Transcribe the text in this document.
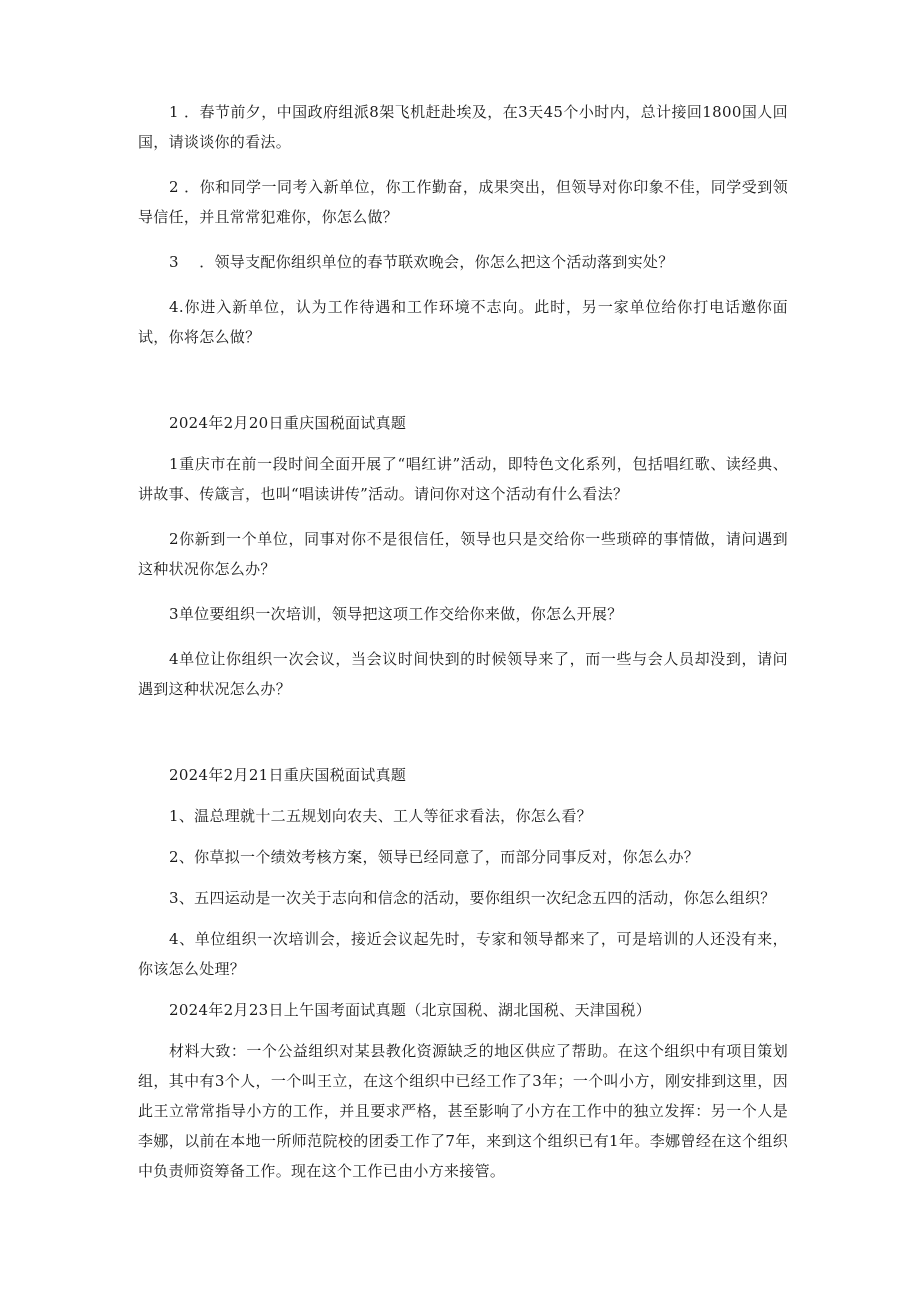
1 ．春节前夕，中国政府组派8架飞机赶赴埃及，在3天45个小时内，总计接回1800国人回国，请谈谈你的看法。

2 ．你和同学一同考入新单位，你工作勤奋，成果突出，但领导对你印象不佳，同学受到领导信任，并且常常犯难你，你怎么做？

3 　．领导支配你组织单位的春节联欢晚会，你怎么把这个活动落到实处？

4.你进入新单位，认为工作待遇和工作环境不志向。此时，另一家单位给你打电话邀你面试，你将怎么做？

2024年2月20日重庆国税面试真题

1重庆市在前一段时间全面开展了“唱红讲”活动，即特色文化系列，包括唱红歌、读经典、讲故事、传箴言，也叫“唱读讲传”活动。请问你对这个活动有什么看法？

2你新到一个单位，同事对你不是很信任，领导也只是交给你一些琐碎的事情做，请问遇到这种状况你怎么办？

3单位要组织一次培训，领导把这项工作交给你来做，你怎么开展？

4单位让你组织一次会议，当会议时间快到的时候领导来了，而一些与会人员却没到，请问遇到这种状况怎么办？

2024年2月21日重庆国税面试真题

1、温总理就十二五规划向农夫、工人等征求看法，你怎么看？

2、你草拟一个绩效考核方案，领导已经同意了，而部分同事反对，你怎么办？

3、五四运动是一次关于志向和信念的活动，要你组织一次纪念五四的活动，你怎么组织？

4、单位组织一次培训会，接近会议起先时，专家和领导都来了，可是培训的人还没有来，你该怎么处理？

2024年2月23日上午国考面试真题（北京国税、湖北国税、天津国税）

材料大致：一个公益组织对某县教化资源缺乏的地区供应了帮助。在这个组织中有项目策划组，其中有3个人，一个叫王立，在这个组织中已经工作了3年；一个叫小方，刚安排到这里，因此王立常常指导小方的工作，并且要求严格，甚至影响了小方在工作中的独立发挥：另一个人是李娜，以前在本地一所师范院校的团委工作了7年，来到这个组织已有1年。李娜曾经在这个组织中负责师资筹备工作。现在这个工作已由小方来接管。
